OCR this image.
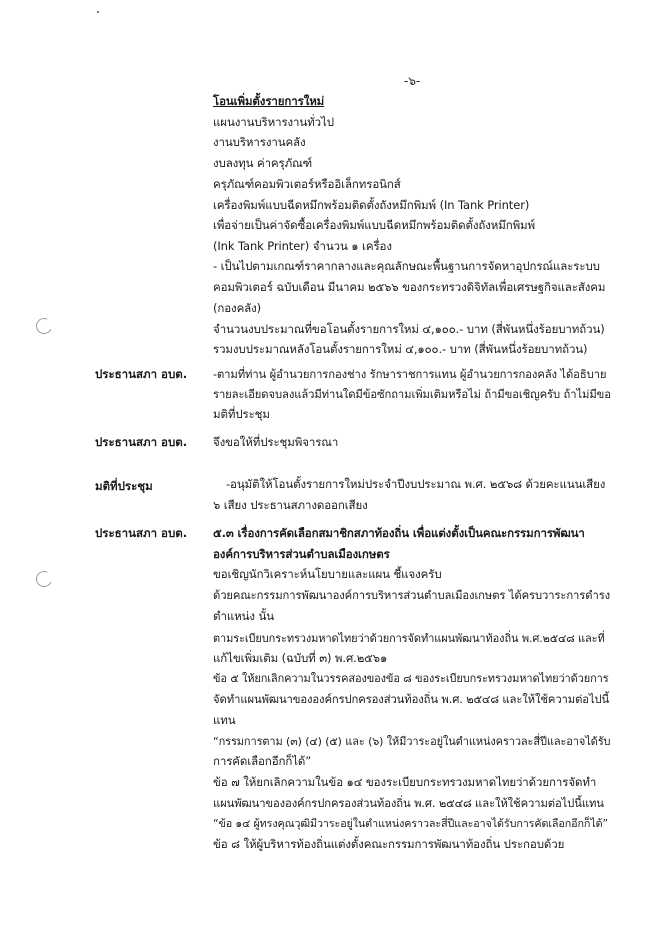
-๖-
โอนเพิ่มตั้งรายการใหม่
แผนงานบริหารงานทั่วไป
งานบริหารงานคลัง
งบลงทุน ค่าครุภัณฑ์
ครุภัณฑ์คอมพิวเตอร์หรืออิเล็กทรอนิกส์
เครื่องพิมพ์แบบฉีดหมึกพร้อมติดตั้งถังหมึกพิมพ์ (In Tank Printer)
เพื่อจ่ายเป็นค่าจัดซื้อเครื่องพิมพ์แบบฉีดหมึกพร้อมติดตั้งถังหมึกพิมพ์
(Ink Tank Printer) จำนวน ๑ เครื่อง
- เป็นไปตามเกณฑ์ราคากลางและคุณลักษณะพื้นฐานการจัดหาอุปกรณ์และระบบ
คอมพิวเตอร์ ฉบับเดือน มีนาคม ๒๕๖๖ ของกระทรวงดิจิทัลเพื่อเศรษฐกิจและสังคม
(กองคลัง)
จำนวนงบประมาณที่ขอโอนตั้งรายการใหม่ ๔,๑๐๐.- บาท (สี่พันหนึ่งร้อยบาทถ้วน)
รวมงบประมาณหลังโอนตั้งรายการใหม่ ๔,๑๐๐.- บาท (สี่พันหนึ่งร้อยบาทถ้วน)
ประธานสภา อบต. -ตามที่ท่าน ผู้อำนวยการกองช่าง รักษาราชการแทน ผู้อำนวยการกองคลัง ได้อธิบาย
รายละเอียดจบลงแล้วมีท่านใดมีข้อซักถามเพิ่มเติมหรือไม่ ถ้ามีขอเชิญครับ ถ้าไม่มีขอ
มติที่ประชุม
ประธานสภา อบต. จึงขอให้ที่ประชุมพิจารณา
มติที่ประชุม	-อนุมัติให้โอนตั้งรายการใหม่ประจำปีงบประมาณ พ.ศ. ๒๕๖๘ ด้วยคะแนนเสียง
๖ เสียง ประธานสภางดออกเสียง
ประธานสภา อบต. ๕.๓ เรื่องการคัดเลือกสมาชิกสภาท้องถิ่น เพื่อแต่งตั้งเป็นคณะกรรมการพัฒนา
องค์การบริหารส่วนตำบลเมืองเกษตร
ขอเชิญนักวิเคราะห์นโยบายและแผน ชี้แจงครับ
ด้วยคณะกรรมการพัฒนาองค์การบริหารส่วนตำบลเมืองเกษตร ได้ครบวาระการดำรง
ตำแหน่ง นั้น
ตามระเบียบกระทรวงมหาดไทยว่าด้วยการจัดทำแผนพัฒนาท้องถิ่น พ.ศ.๒๕๔๘ และที่
แก้ไขเพิ่มเติม (ฉบับที่ ๓) พ.ศ.๒๕๖๑
ข้อ ๕ ให้ยกเลิกความในวรรคสองของข้อ ๘ ของระเบียบกระทรวงมหาดไทยว่าด้วยการ
จัดทำแผนพัฒนาขององค์กรปกครองส่วนท้องถิ่น พ.ศ. ๒๕๔๘ และให้ใช้ความต่อไปนี้
แทน
“กรรมการตาม (๓) (๔) (๕) และ (๖) ให้มีวาระอยู่ในตำแหน่งคราวละสี่ปีและอาจได้รับ
การคัดเลือกอีกก็ได้”
ข้อ ๗ ให้ยกเลิกความในข้อ ๑๔ ของระเบียบกระทรวงมหาดไทยว่าด้วยการจัดทำ
แผนพัฒนาขององค์กรปกครองส่วนท้องถิ่น พ.ศ. ๒๕๔๘ และให้ใช้ความต่อไปนี้แทน
“ข้อ ๑๔ ผู้ทรงคุณวุฒิมีวาระอยู่ในตำแหน่งคราวละสี่ปีและอาจได้รับการคัดเลือกอีกก็ได้”
ข้อ ๘ ให้ผู้บริหารท้องถิ่นแต่งตั้งคณะกรรมการพัฒนาท้องถิ่น ประกอบด้วย
